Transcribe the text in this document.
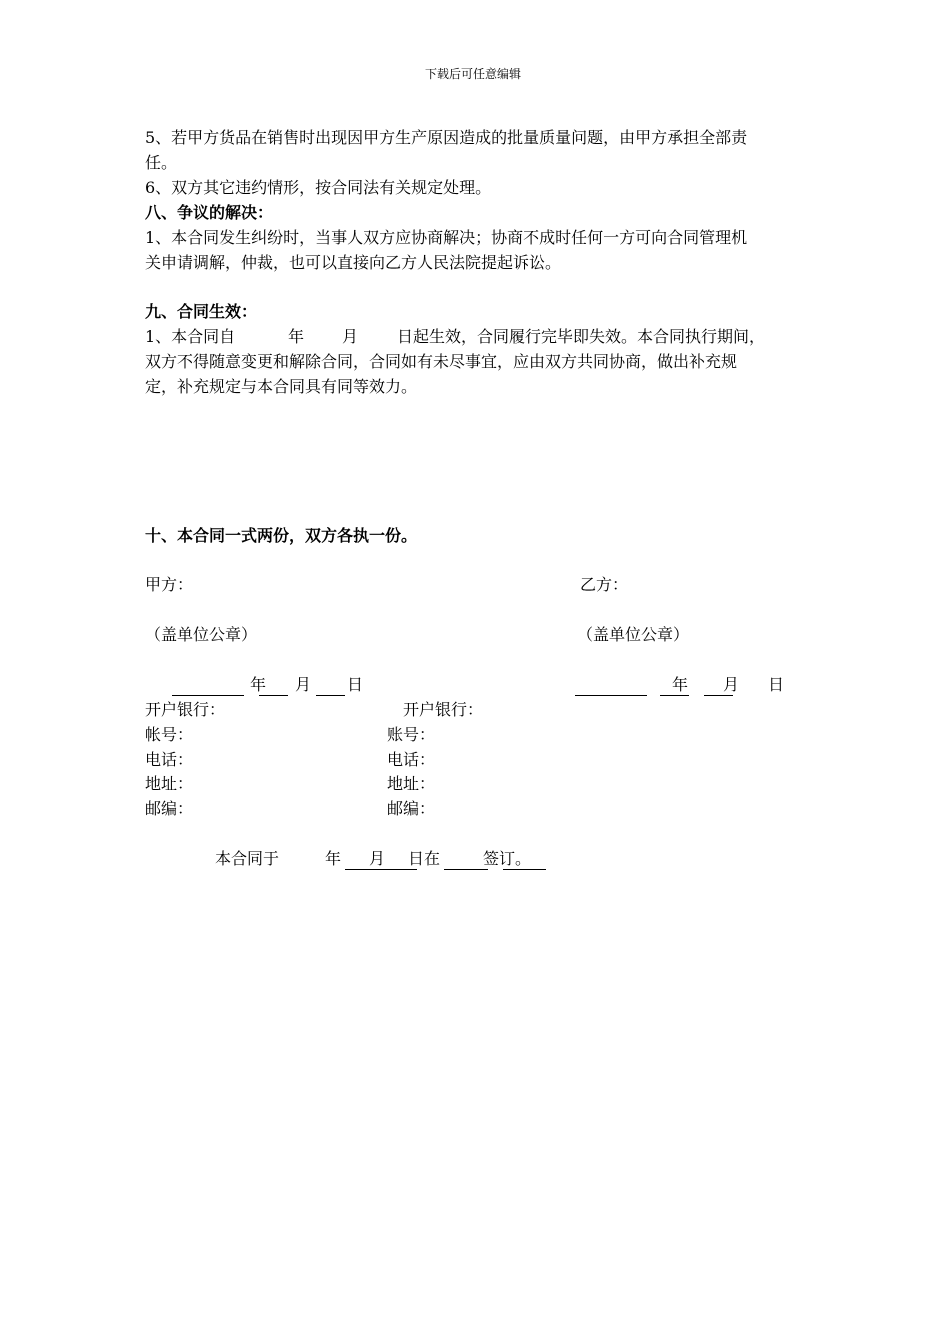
下载后可任意编辑
5、若甲方货品在销售时出现因甲方生产原因造成的批量质量问题，由甲方承担全部责
任。
6、双方其它违约情形，按合同法有关规定处理。
八、争议的解决：
1、本合同发生纠纷时，当事人双方应协商解决；协商不成时任何一方可向合同管理机
关申请调解，仲裁，也可以直接向乙方人民法院提起诉讼。
九、合同生效：
1、本合同自	年 月 日起生效，合同履行完毕即失效。本合同执行期间，
双方不得随意变更和解除合同，合同如有未尽事宜，应由双方共同协商，做出补充规
定，补充规定与本合同具有同等效力。
十、本合同一式两份，双方各执一份。
甲方：	乙方：
（盖单位公章）	（盖单位公章）
年 月 日	年 月 日
开户银行：	开户银行：
帐号：	账号：
电话：	电话：
地址：	地址：
邮编：	邮编：
本合同于	年 月 日在	签订。
